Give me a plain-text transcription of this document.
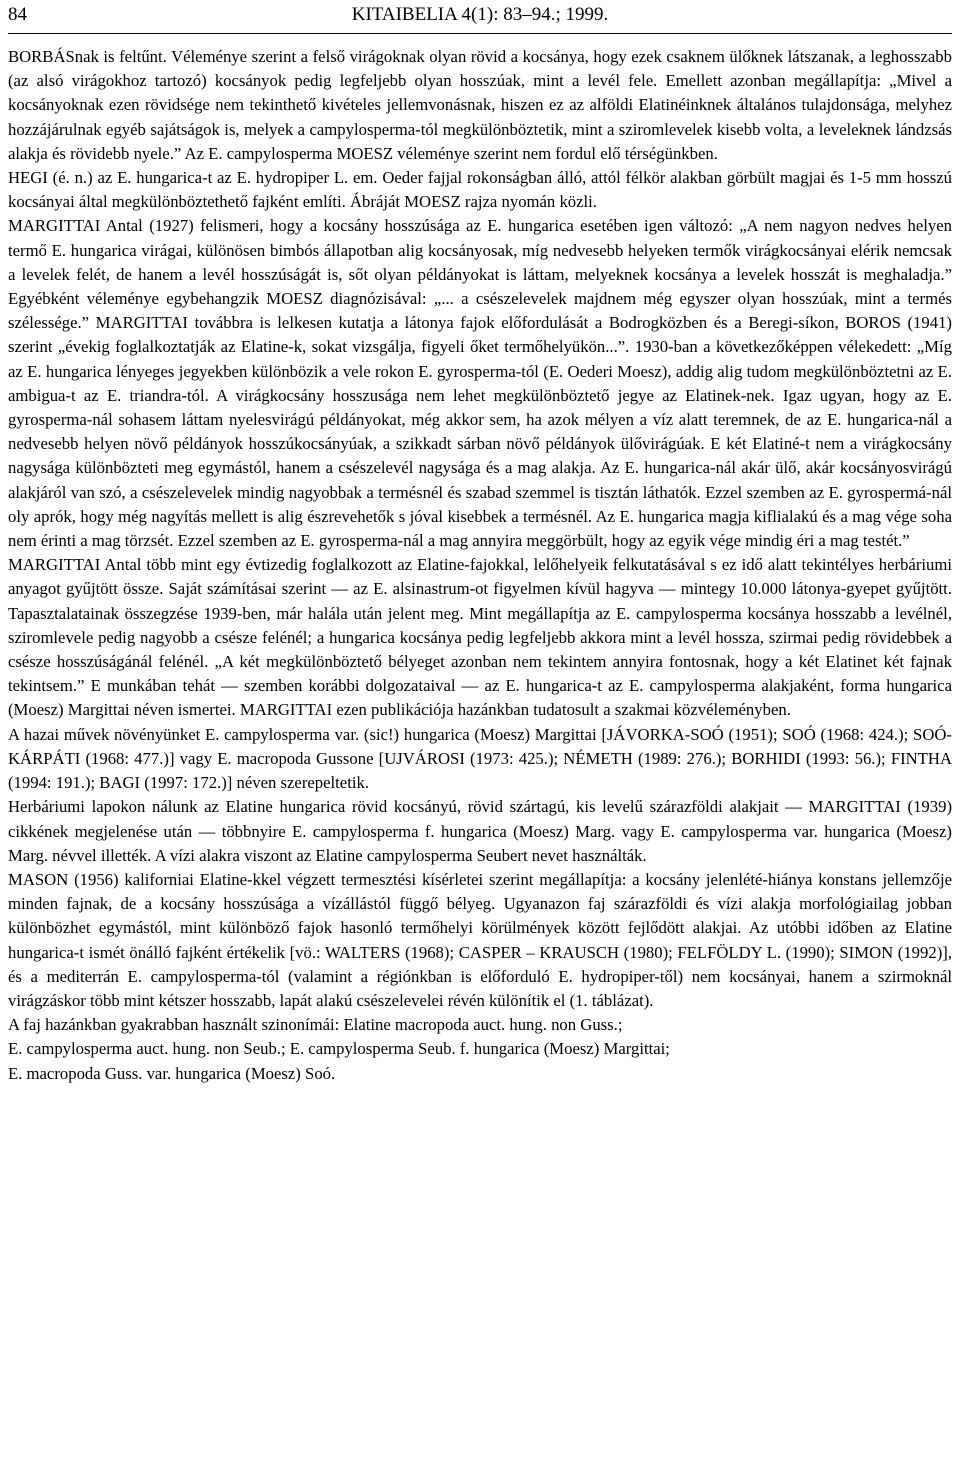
84	KITAIBELIA 4(1): 83–94.; 1999.

BORBÁSnak is feltűnt. Véleménye szerint a felső virágoknak olyan rövid a kocsánya, hogy ezek csaknem ülőknek látszanak, a leghosszabb (az alsó virágokhoz tartozó) kocsányok pedig legfeljebb olyan hosszúak, mint a levél fele. Emellett azonban megállapítja: „Mivel a kocsányoknak ezen rövidsége nem tekinthető kivételes jellemvonásnak, hiszen ez az alföldi Elatinéinknek általános tulajdonsága, melyhez hozzájárulnak egyéb sajátságok is, melyek a campylosperma-tól megkülönböztetik, mint a sziromlevelek kisebb volta, a leveleknek lándzsás alakja és rövidebb nyele.” Az E. campylosperma MOESZ véleménye szerint nem fordul elő térségünkben.

HEGI (é. n.) az E. hungarica-t az E. hydropiper L. em. Oeder fajjal rokonságban álló, attól félkör alakban görbült magjai és 1-5 mm hosszú kocsányai által megkülönböztethető fajként említi. Ábráját MOESZ rajza nyomán közli.

MARGITTAI Antal (1927) felismeri, hogy a kocsány hosszúsága az E. hungarica esetében igen változó: „A nem nagyon nedves helyen termő E. hungarica virágai, különösen bimbós állapotban alig kocsányosak, míg nedvesebb helyeken termők virágkocsányai elérik nemcsak a levelek felét, de hanem a levél hosszúságát is, sőt olyan példányokat is láttam, melyeknek kocsánya a levelek hosszát is meghaladja.” Egyébként véleménye egybehangzik MOESZ diagnózisával: „... a csészelevelek majdnem még egyszer olyan hosszúak, mint a termés szélessége.” MARGITTAI továbbra is lelkesen kutatja a látonya fajok előfordulását a Bodrogközben és a Beregi-síkon, BOROS (1941) szerint „évekig foglalkoztatják az Elatine-k, sokat vizsgálja, figyeli őket termőhelyükön...”. 1930-ban a következőképpen vélekedett: „Míg az E. hungarica lényeges jegyekben különbözik a vele rokon E. gyrosperma-tól (E. Oederi Moesz), addig alig tudom megkülönböztetni az E. ambigua-t az E. triandra-tól. A virágkocsány hosszusága nem lehet megkülönböztető jegye az Elatinek-nek. Igaz ugyan, hogy az E. gyrosperma-nál sohasem láttam nyelesvirágú példányokat, még akkor sem, ha azok mélyen a víz alatt teremnek, de az E. hungarica-nál a nedvesebb helyen növő példányok hosszúkocsányúak, a szikkadt sárban növő példányok ülővirágúak. E két Elatiné-t nem a virágkocsány nagysága különbözteti meg egymástól, hanem a csészelevél nagysága és a mag alakja. Az E. hungarica-nál akár ülő, akár kocsányosvirágú alakjáról van szó, a csészelevelek mindig nagyobbak a termésnél és szabad szemmel is tisztán láthatók. Ezzel szemben az E. gyrospermá-nál oly aprók, hogy még nagyítás mellett is alig észrevehetők s jóval kisebbek a termésnél. Az E. hungarica magja kiflialakú és a mag vége soha nem érinti a mag törzsét. Ezzel szemben az E. gyrosperma-nál a mag annyira meggörbült, hogy az egyik vége mindig éri a mag testét.”

MARGITTAI Antal több mint egy évtizedig foglalkozott az Elatine-fajokkal, lelőhelyeik felkutatásával s ez idő alatt tekintélyes herbáriumi anyagot gyűjtött össze. Saját számításai szerint — az E. alsinastrum-ot figyelmen kívül hagyva — mintegy 10.000 látonya-gyepet gyűjtött. Tapasztalatainak összegzése 1939-ben, már halála után jelent meg. Mint megállapítja az E. campylosperma kocsánya hosszabb a levélnél, sziromlevele pedig nagyobb a csésze felénél; a hungarica kocsánya pedig legfeljebb akkora mint a levél hossza, szirmai pedig rövidebbek a csésze hosszúságánál felénél. „A két megkülönböztető bélyeget azonban nem tekintem annyira fontosnak, hogy a két Elatinet két fajnak tekintsem.” E munkában tehát — szemben korábbi dolgozataival — az E. hungarica-t az E. campylosperma alakjaként, forma hungarica (Moesz) Margittai néven ismertei. MARGITTAI ezen publikációja hazánkban tudatosult a szakmai közvéleményben.

A hazai művek növényünket E. campylosperma var. (sic!) hungarica (Moesz) Margittai [JÁVORKA-SOÓ (1951); SOÓ (1968: 424.); SOÓ-KÁRPÁTI (1968: 477.)] vagy E. macropoda Gussone [UJVÁROSI (1973: 425.); NÉMETH (1989: 276.); BORHIDI (1993: 56.); FINTHA (1994: 191.); BAGI (1997: 172.)] néven szerepeltetik.

Herbáriumi lapokon nálunk az Elatine hungarica rövid kocsányú, rövid szártagú, kis levelű szárazföldi alakjait — MARGITTAI (1939) cikkének megjelenése után — többnyire E. campylosperma f. hungarica (Moesz) Marg. vagy E. campylosperma var. hungarica (Moesz) Marg. névvel illették. A vízi alakra viszont az Elatine campylosperma Seubert nevet használták.

MASON (1956) kaliforniai Elatine-kkel végzett termesztési kísérletei szerint megállapítja: a kocsány jelenlété-hiánya konstans jellemzője minden fajnak, de a kocsány hosszúsága a vízállástól függő bélyeg. Ugyanazon faj szárazföldi és vízi alakja morfológiailag jobban különbözhet egymástól, mint különböző fajok hasonló termőhelyi körülmények között fejlődött alakjai. Az utóbbi időben az Elatine hungarica-t ismét önálló fajként értékelik [vö.: WALTERS (1968); CASPER – KRAUSCH (1980); FELFÖLDY L. (1990); SIMON (1992)], és a mediterrán E. campylosperma-tól (valamint a régiónkban is előforduló E. hydropiper-től) nem kocsányai, hanem a szirmoknál virágzáskor több mint kétszer hosszabb, lapát alakú csészelevelei révén különítik el (1. táblázat).

A faj hazánkban gyakrabban használt szinonímái: Elatine macropoda auct. hung. non Guss.;

E. campylosperma auct. hung. non Seub.; E. campylosperma Seub. f. hungarica (Moesz) Margittai;

E. macropoda Guss. var. hungarica (Moesz) Soó.
